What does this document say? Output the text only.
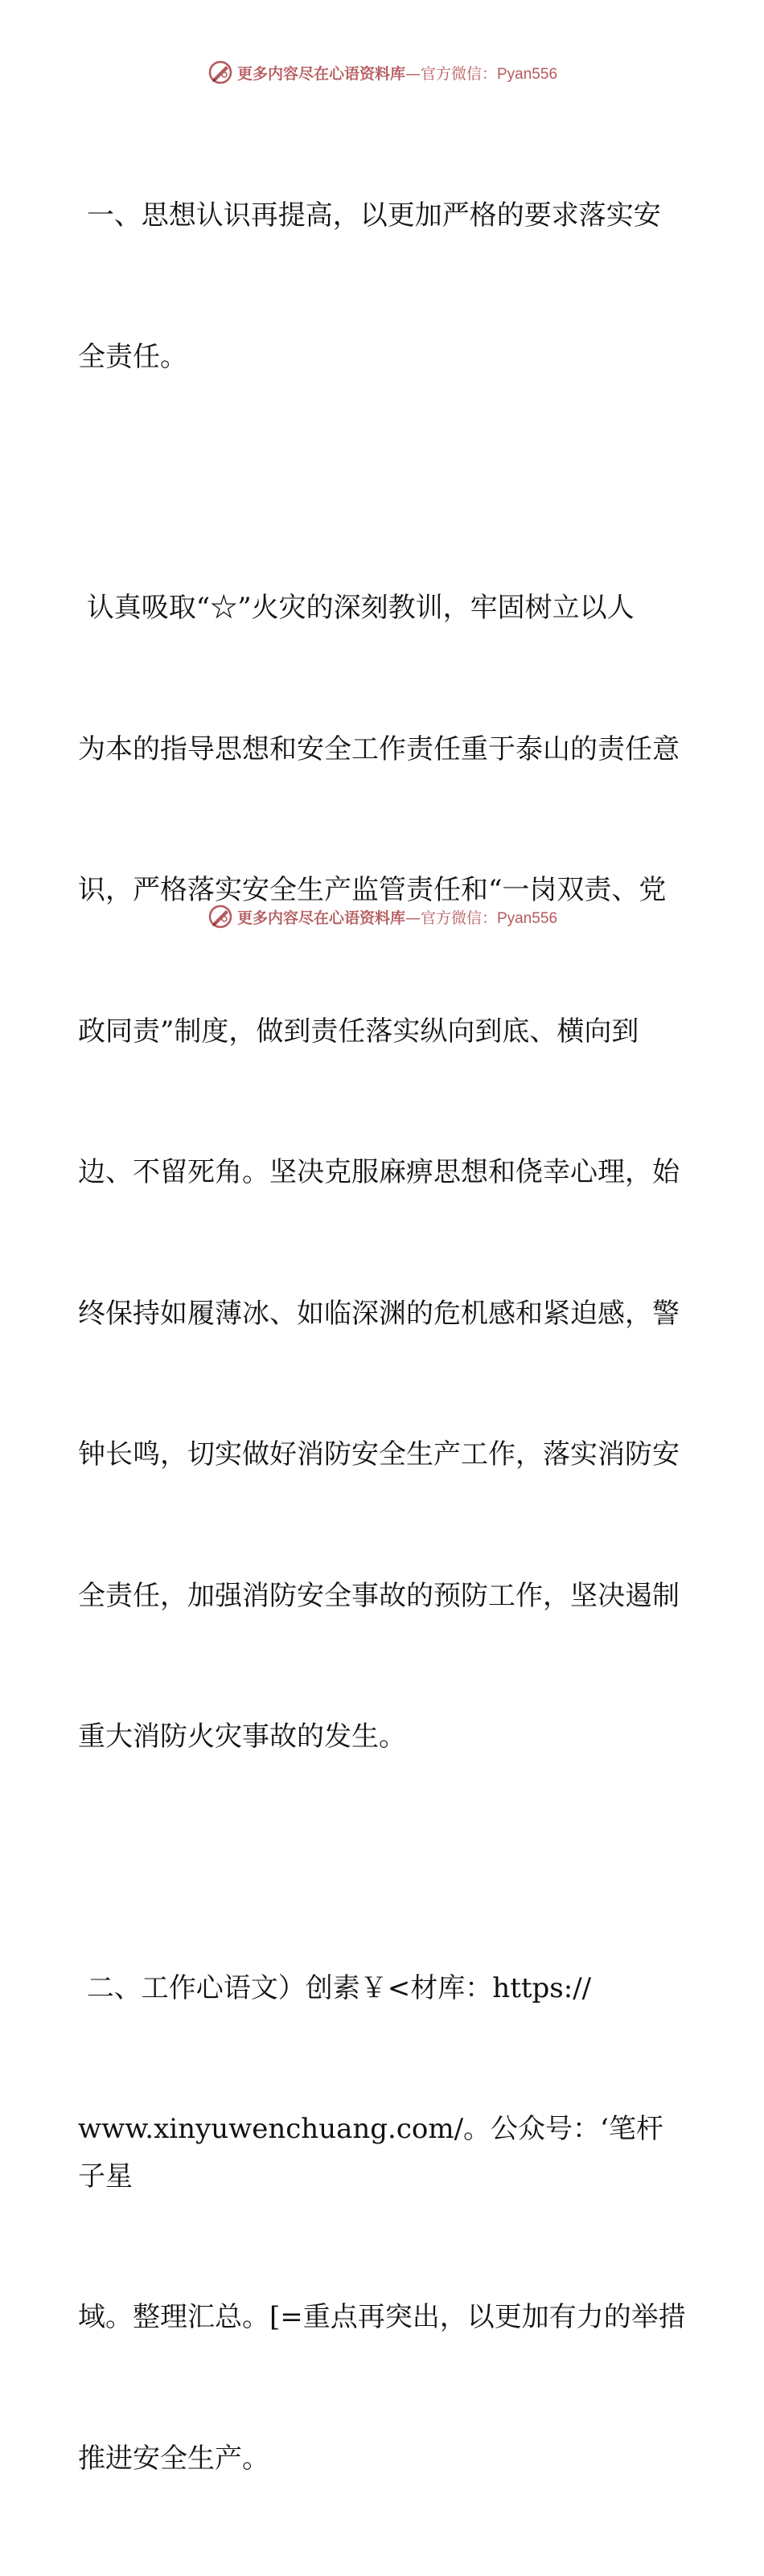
更多内容尽在心语资料库—官方微信：Pyan556

一、思想认识再提高，以更加严格的要求落实安

全责任。

认真吸取“☆”火灾的深刻教训，牢固树立以人

为本的指导思想和安全工作责任重于泰山的责任意

识，严格落实安全生产监管责任和“一岗双责、党

政同责”制度，做到责任落实纵向到底、横向到

边、不留死角。坚决克服麻痹思想和侥幸心理，始

终保持如履薄冰、如临深渊的危机感和紧迫感，警

钟长鸣，切实做好消防安全生产工作，落实消防安

全责任，加强消防安全事故的预防工作，坚决遏制

重大消防火灾事故的发生。

二、工作心语文）创素￥<材库：https://

www.xinyuwenchuang.com/。公众号：‘笔杆子星

域。整理汇总。[=重点再突出，以更加有力的举措

推进安全生产。

更多内容尽在心语资料库—官方微信：Pyan556
